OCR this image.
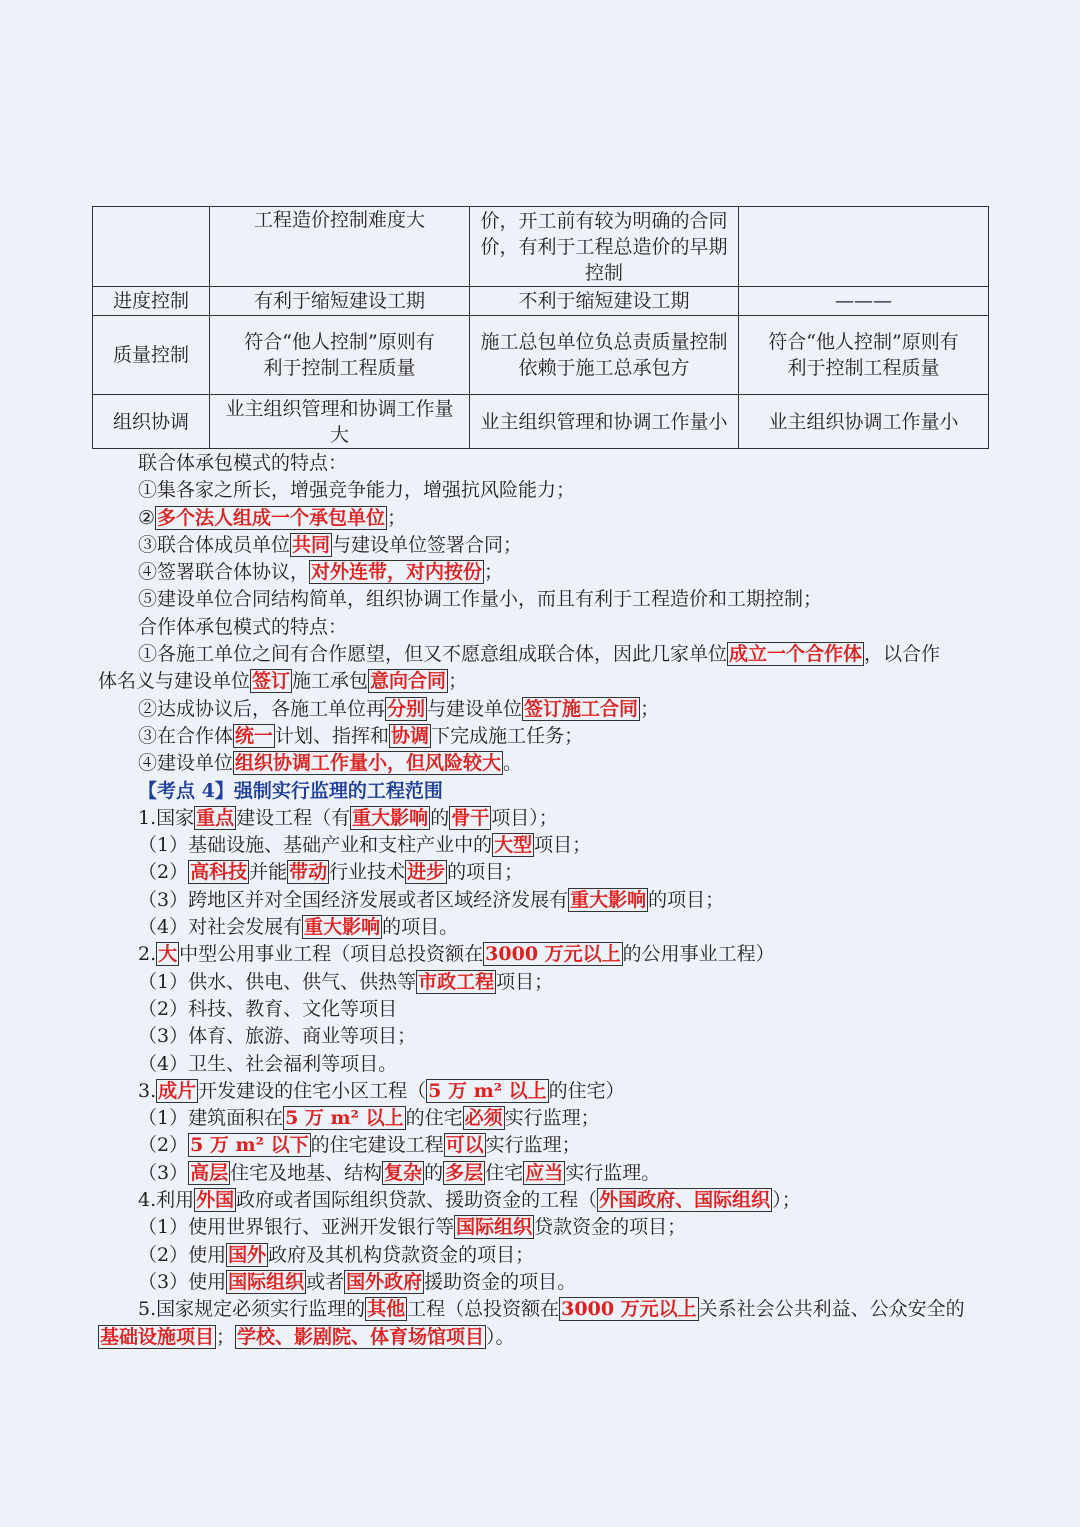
	工程造价控制难度大	价，开工前有较为明确的合同价，有利于工程总造价的早期控制	
进度控制	有利于缩短建设工期	不利于缩短建设工期	———
质量控制	符合“他人控制”原则有利于控制工程质量	施工总包单位负总责质量控制依赖于施工总承包方	符合“他人控制”原则有利于控制工程质量
组织协调	业主组织管理和协调工作量大	业主组织管理和协调工作量小	业主组织协调工作量小
联合体承包模式的特点：
①集各家之所长，增强竞争能力，增强抗风险能力；
② 多个法人组成一个承包单位 ；
③联合体成员单位 共同 与建设单位签署合同；
④签署联合体协议， 对外连带，对内按份 ；
⑤建设单位合同结构简单，组织协调工作量小，而且有利于工程造价和工期控制；
合作体承包模式的特点：
①各施工单位之间有合作愿望，但又不愿意组成联合体，因此几家单位 成立一个合作体 ，以合作
体名义与建设单位 签订 施工承包 意向合同 ；
②达成协议后，各施工单位再 分别 与建设单位 签订施工合同 ；
③在合作体 统一 计划、指挥和 协调 下完成施工任务；
④建设单位 组织协调工作量小，但风险较大 。
【考点 4】强制实行监理的工程范围
1.国家 重点 建设工程（有 重大影响 的 骨干 项目）；
（1）基础设施、基础产业和支柱产业中的 大型 项目；
（2） 高科技 并能 带动 行业技术 进步 的项目；
（3）跨地区并对全国经济发展或者区域经济发展有 重大影响 的项目；
（4）对社会发展有 重大影响 的项目。
2. 大 中型公用事业工程（项目总投资额在 3000 万元以上 的公用事业工程）
（1）供水、供电、供气、供热等 市政工程 项目；
（2）科技、教育、文化等项目
（3）体育、旅游、商业等项目；
（4）卫生、社会福利等项目。
3. 成片 开发建设的住宅小区工程（ 5 万 m² 以上 的住宅）
（1）建筑面积在 5 万 m² 以上 的住宅 必须 实行监理；
（2） 5 万 m² 以下 的住宅建设工程 可以 实行监理；
（3） 高层 住宅及地基、结构 复杂 的 多层 住宅 应当 实行监理。
4.利用 外国 政府或者国际组织贷款、援助资金的工程（ 外国政府、国际组织 ）；
（1）使用世界银行、亚洲开发银行等 国际组织 贷款资金的项目；
（2）使用 国外 政府及其机构贷款资金的项目；
（3）使用 国际组织 或者 国外政府 援助资金的项目。
5.国家规定必须实行监理的 其他 工程（总投资额在 3000 万元以上 关系社会公共利益、公众安全的
基础设施项目 ； 学校、影剧院、体育场馆项目 ）。
